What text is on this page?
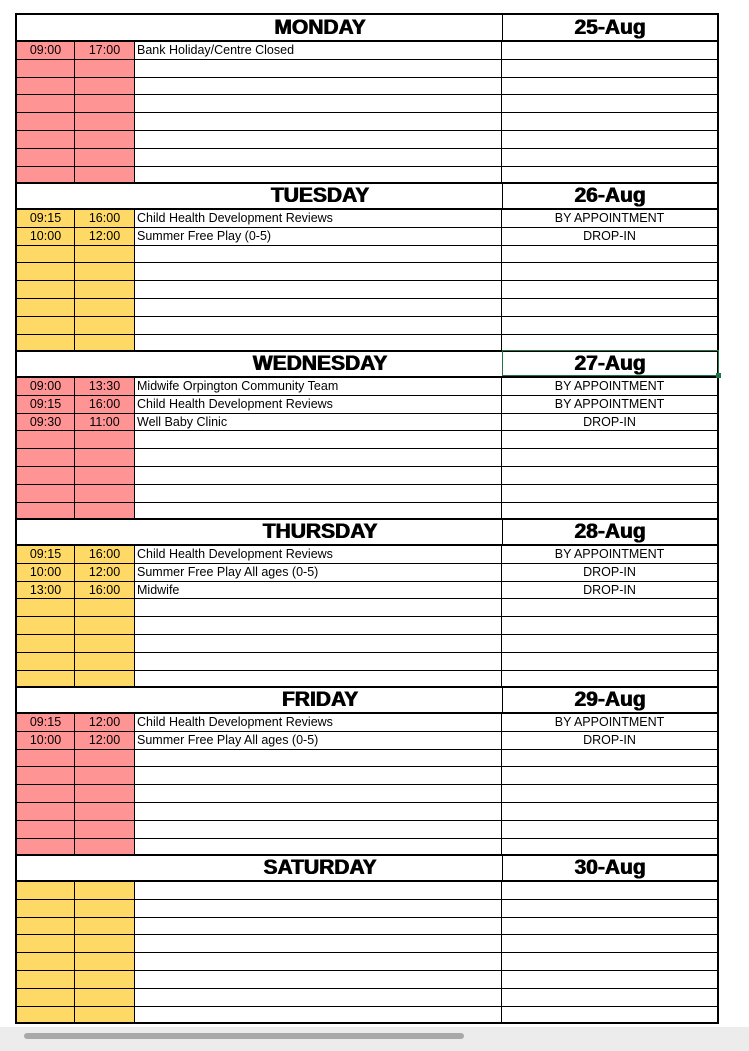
MONDAY	25-Aug
09:00	17:00	Bank Holiday/Centre Closed
TUESDAY	26-Aug
09:15	16:00	Child Health Development Reviews	BY APPOINTMENT
10:00	12:00	Summer Free Play (0-5)	DROP-IN
WEDNESDAY	27-Aug
09:00	13:30	Midwife Orpington Community Team	BY APPOINTMENT
09:15	16:00	Child Health Development Reviews	BY APPOINTMENT
09:30	11:00	Well Baby Clinic	DROP-IN
THURSDAY	28-Aug
09:15	16:00	Child Health Development Reviews	BY APPOINTMENT
10:00	12:00	Summer Free Play All ages (0-5)	DROP-IN
13:00	16:00	Midwife	DROP-IN
FRIDAY	29-Aug
09:15	12:00	Child Health Development Reviews	BY APPOINTMENT
10:00	12:00	Summer Free Play All ages (0-5)	DROP-IN
SATURDAY	30-Aug
